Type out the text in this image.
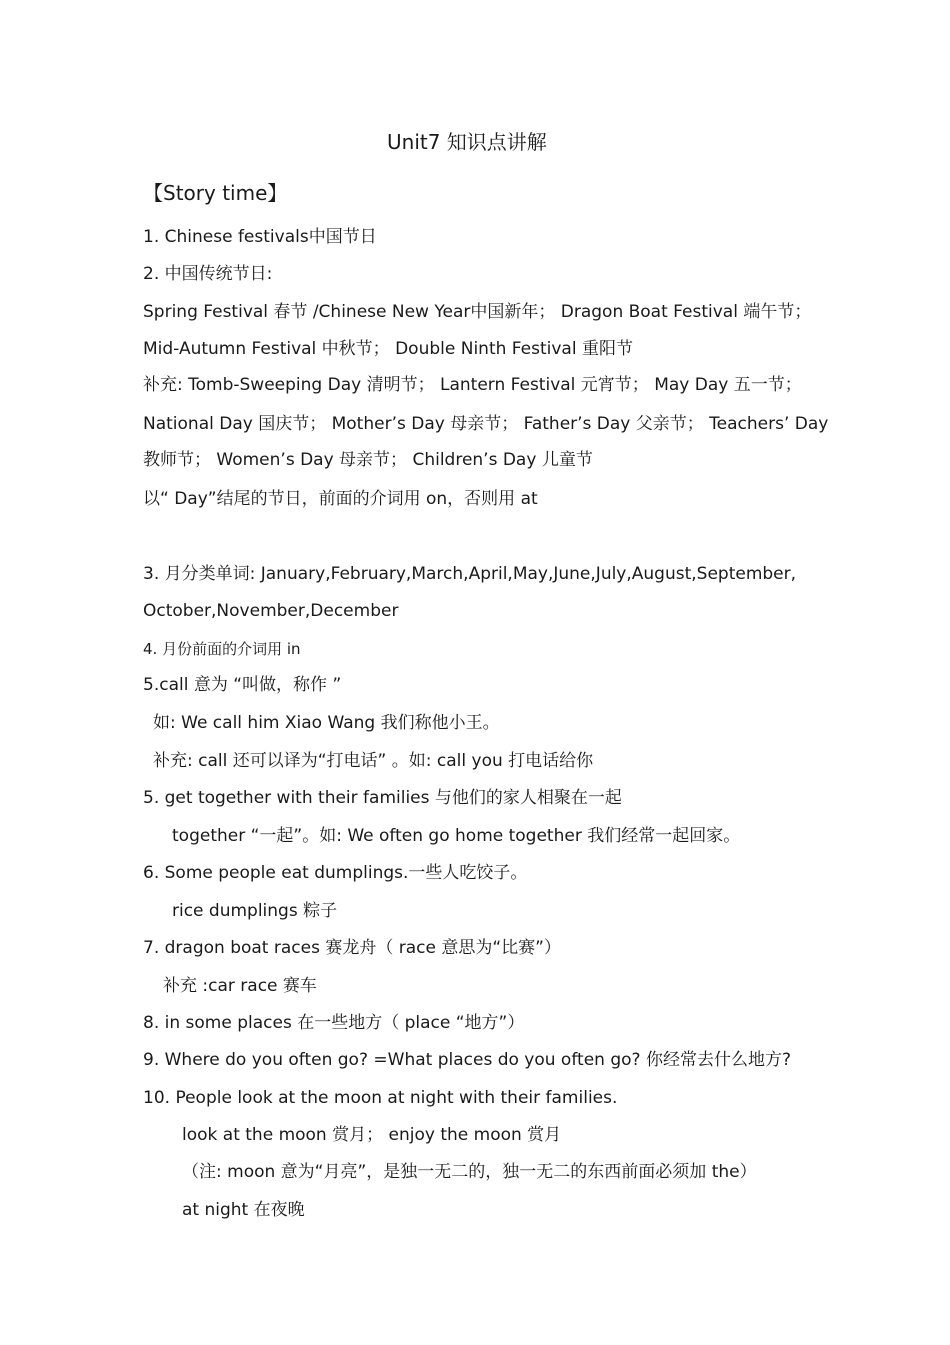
Unit7 知识点讲解
【Story time】
1. Chinese festivals中国节日
2. 中国传统节日:
Spring Festival 春节 /Chinese New Year中国新年； Dragon Boat Festival 端午节；
Mid-Autumn Festival 中秋节； Double Ninth Festival 重阳节
补充: Tomb-Sweeping Day 清明节； Lantern Festival 元宵节； May Day 五一节；
National Day 国庆节； Mother’s Day 母亲节； Father’s Day 父亲节； Teachers’ Day
教师节； Women’s Day 母亲节； Children’s Day 儿童节
以“ Day”结尾的节日，前面的介词用 on，否则用 at
3. 月分类单词: January,February,March,April,May,June,July,August,September,
October,November,December
4. 月份前面的介词用 in
5.call 意为 “叫做，称作 ”
如: We call him Xiao Wang 我们称他小王。
补充: call 还可以译为“打电话” 。如: call you 打电话给你
5. get together with their families 与他们的家人相聚在一起
together “一起”。如: We often go home together 我们经常一起回家。
6. Some people eat dumplings.一些人吃饺子。
rice dumplings 粽子
7. dragon boat races 赛龙舟（ race 意思为“比赛”）
补充 :car race 赛车
8. in some places 在一些地方（ place “地方”）
9. Where do you often go? =What places do you often go? 你经常去什么地方?
10. People look at the moon at night with their families.
look at the moon 赏月； enjoy the moon 赏月
（注: moon 意为“月亮”，是独一无二的，独一无二的东西前面必须加 the）
at night 在夜晚
